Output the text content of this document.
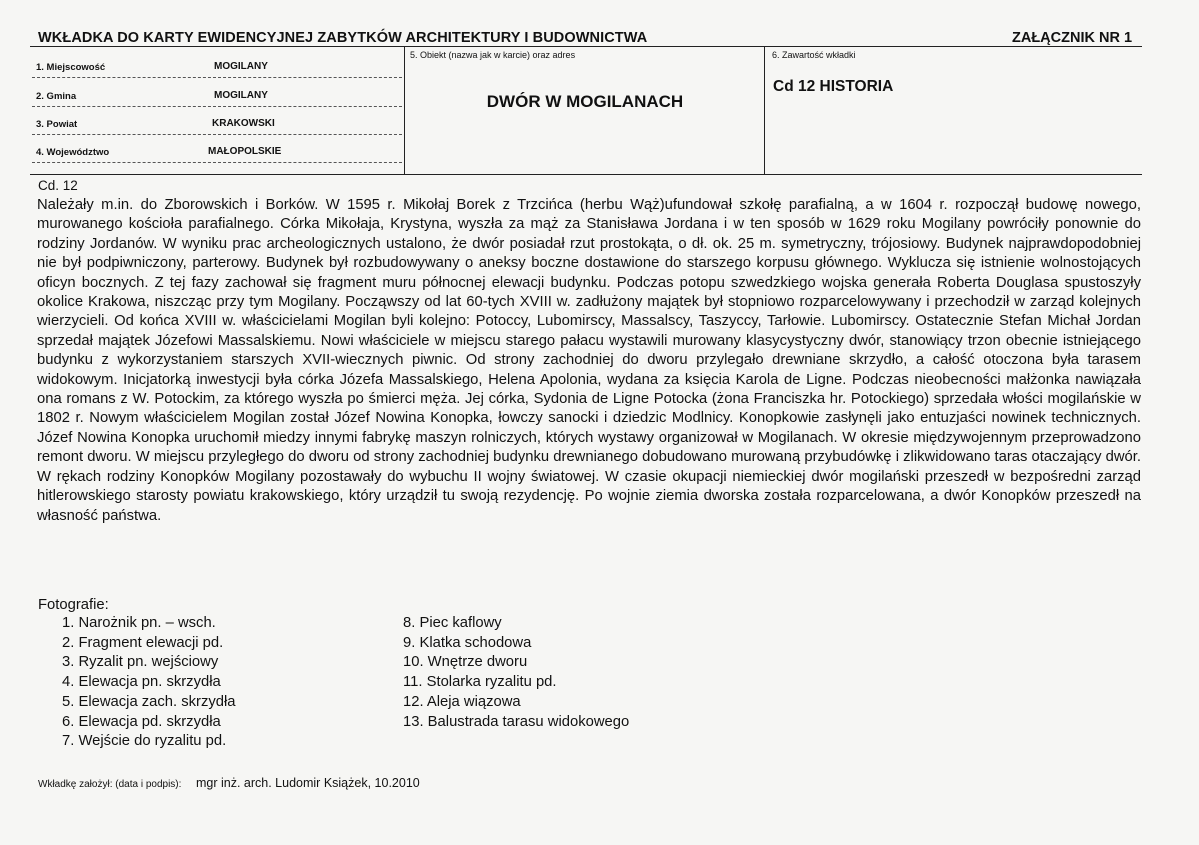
WKŁADKA DO KARTY EWIDENCYJNEJ ZABYTKÓW ARCHITEKTURY I BUDOWNICTWA	ZAŁĄCZNIK NR 1
1. Miejscowość	MOGILANY
2. Gmina	MOGILANY
3. Powiat	KRAKOWSKI
4. Województwo	MAŁOPOLSKIE
5. Obiekt (nazwa jak w karcie) oraz adres
DWÓR W MOGILANACH
6. Zawartość wkładki
Cd 12 HISTORIA
Cd. 12
Należały m.in. do Zborowskich i Borków. W 1595 r. Mikołaj Borek z Trzcińca (herbu Wąż)ufundował szkołę parafialną, a w 1604 r. rozpoczął budowę nowego, murowanego kościoła parafialnego. Córka Mikołaja, Krystyna, wyszła za mąż za Stanisława Jordana i w ten sposób w 1629 roku Mogilany powróciły ponownie do rodziny Jordanów. W wyniku prac archeologicznych ustalono, że dwór posiadał rzut prostokąta, o dł. ok. 25 m. symetryczny, trójosiowy. Budynek najprawdopodobniej nie był podpiwniczony, parterowy. Budynek był rozbudowywany o aneksy boczne dostawione do starszego korpusu głównego. Wyklucza się istnienie wolnostojących oficyn bocznych. Z tej fazy zachował się fragment muru północnej elewacji budynku. Podczas potopu szwedzkiego wojska generała Roberta Douglasa spustoszyły okolice Krakowa, niszcząc przy tym Mogilany. Począwszy od lat 60-tych XVIII w. zadłużony majątek był stopniowo rozparcelowywany i przechodził w zarząd kolejnych wierzycieli. Od końca XVIII w. właścicielami Mogilan byli kolejno: Potoccy, Lubomirscy, Massalscy, Taszyccy, Tarłowie. Lubomirscy. Ostatecznie Stefan Michał Jordan sprzedał majątek Józefowi Massalskiemu. Nowi właściciele w miejscu starego pałacu wystawili murowany klasycystyczny dwór, stanowiący trzon obecnie istniejącego budynku z wykorzystaniem starszych XVII-wiecznych piwnic. Od strony zachodniej do dworu przylegało drewniane skrzydło, a całość otoczona była tarasem widokowym. Inicjatorką inwestycji była córka Józefa Massalskiego, Helena Apolonia, wydana za księcia Karola de Ligne. Podczas nieobecności małżonka nawiązała ona romans z W. Potockim, za którego wyszła po śmierci męża. Jej córka, Sydonia de Ligne Potocka (żona Franciszka hr. Potockiego) sprzedała włości mogilańskie w 1802 r. Nowym właścicielem Mogilan został Józef Nowina Konopka, łowczy sanocki i dziedzic Modlnicy. Konopkowie zasłynęli jako entuzjaści nowinek technicznych. Józef Nowina Konopka uruchomił miedzy innymi fabrykę maszyn rolniczych, których wystawy organizował w Mogilanach. W okresie międzywojennym przeprowadzono remont dworu. W miejscu przyległego do dworu od strony zachodniej budynku drewnianego dobudowano murowaną przybudówkę i zlikwidowano taras otaczający dwór. W rękach rodziny Konopków Mogilany pozostawały do wybuchu II wojny światowej. W czasie okupacji niemieckiej dwór mogilański przeszedł w bezpośredni zarząd hitlerowskiego starosty powiatu krakowskiego, który urządził tu swoją rezydencję. Po wojnie ziemia dworska została rozparcelowana, a dwór Konopków przeszedł na własność państwa.
Fotografie:
1. Narożnik pn. – wsch.
2. Fragment elewacji pd.
3. Ryzalit pn. wejściowy
4. Elewacja pn. skrzydła
5. Elewacja zach. skrzydła
6. Elewacja pd. skrzydła
7. Wejście do ryzalitu pd.
8. Piec kaflowy
9. Klatka schodowa
10. Wnętrze dworu
11. Stolarka ryzalitu pd.
12. Aleja wiązowa
13. Balustrada tarasu widokowego
Wkładkę założył: (data i podpis): mgr inż. arch. Ludomir Książek, 10.2010
